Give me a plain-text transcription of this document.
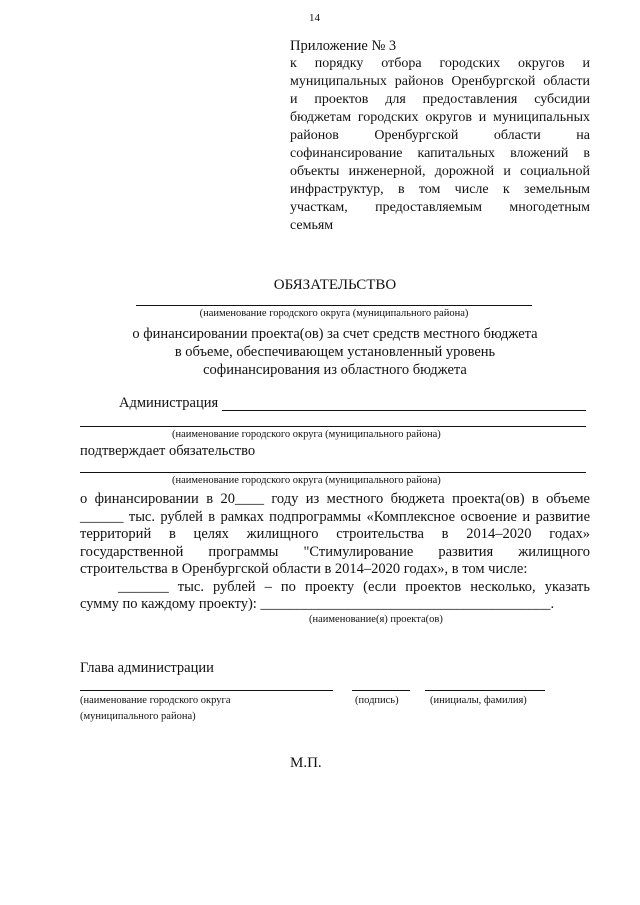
14
Приложение № 3
к порядку отбора городских округов и
муниципальных районов Оренбургской области
и проектов для предоставления субсидии
бюджетам городских округов и муниципальных
районов Оренбургской области на
софинансирование капитальных вложений в
объекты инженерной, дорожной и социальной
инфраструктур, в том числе к земельным
участкам, предоставляемым многодетным
семьям
ОБЯЗАТЕЛЬСТВО
(наименование городского округа (муниципального района)
о финансировании проекта(ов) за счет средств местного бюджета
в объеме, обеспечивающем установленный уровень
софинансирования из областного бюджета
Администрация
(наименование городского округа (муниципального района)
подтверждает обязательство
(наименование городского округа (муниципального района)
о финансировании в 20____ году из местного бюджета проекта(ов) в объеме
______ тыс. рублей в рамках подпрограммы «Комплексное освоение и развитие
территорий в целях жилищного строительства в 2014–2020 годах»
государственной программы "Стимулирование развития жилищного
строительства в Оренбургской области в 2014–2020 годах», в том числе:
_______ тыс. рублей – по проекту (если проектов несколько, указать
сумму по каждому проекту): ________________________________________.
(наименование(я) проекта(ов)
Глава администрации
(наименование городского округа
(муниципального района)
(подпись)	(инициалы, фамилия)
М.П.
